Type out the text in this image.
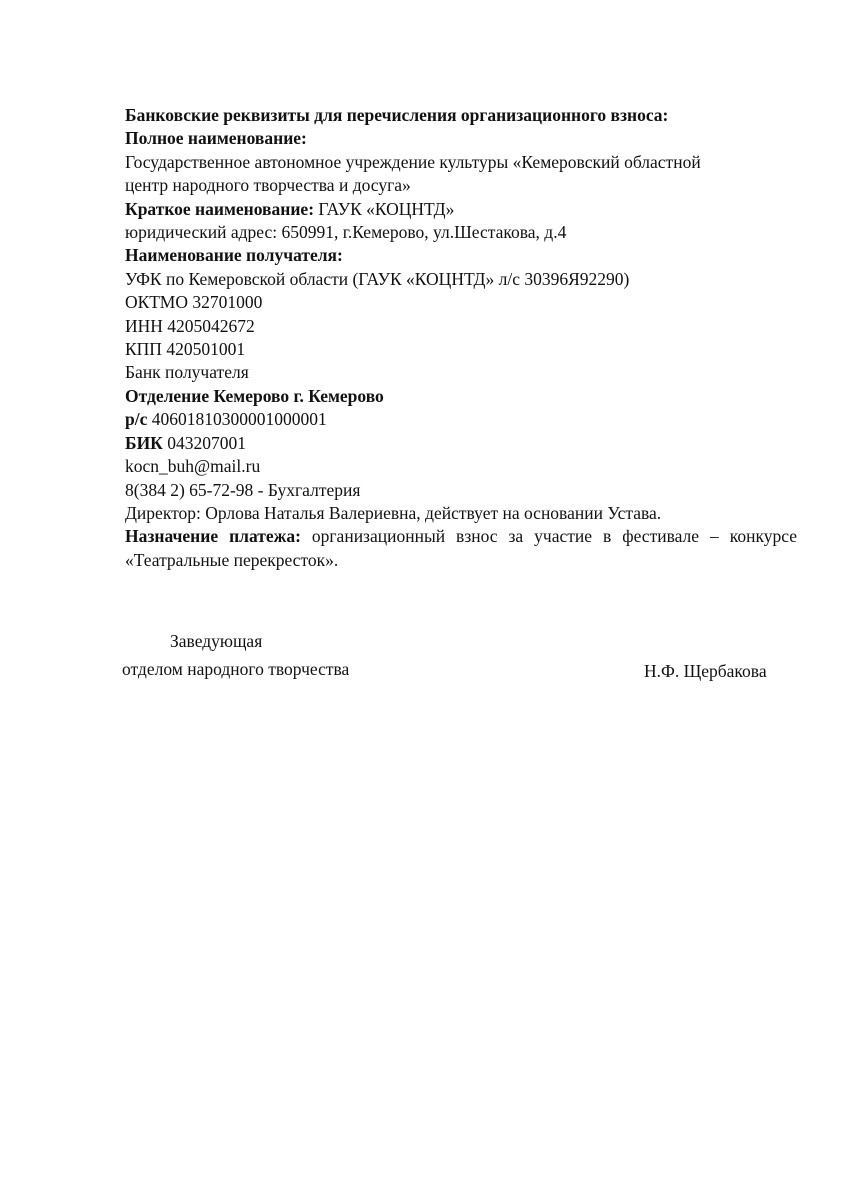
Банковские реквизиты для перечисления организационного взноса:
Полное наименование:
Государственное автономное учреждение культуры «Кемеровский областной
центр народного творчества и досуга»
Краткое наименование: ГАУК «КОЦНТД»
юридический адрес: 650991, г.Кемерово, ул.Шестакова, д.4
Наименование получателя:
УФК по Кемеровской области (ГАУК «КОЦНТД» л/с 30396Я92290)
ОКТМО 32701000
ИНН 4205042672
КПП 420501001
Банк получателя
Отделение Кемерово г. Кемерово
р/с 40601810300001000001
БИК 043207001
kocn_buh@mail.ru
8(384 2) 65-72-98 - Бухгалтерия
Директор: Орлова Наталья Валериевна, действует на основании Устава.
Назначение платежа: организационный взнос за участие в фестивале – конкурсе «Театральные перекресток».
Заведующая
отделом народного творчества	Н.Ф. Щербакова
